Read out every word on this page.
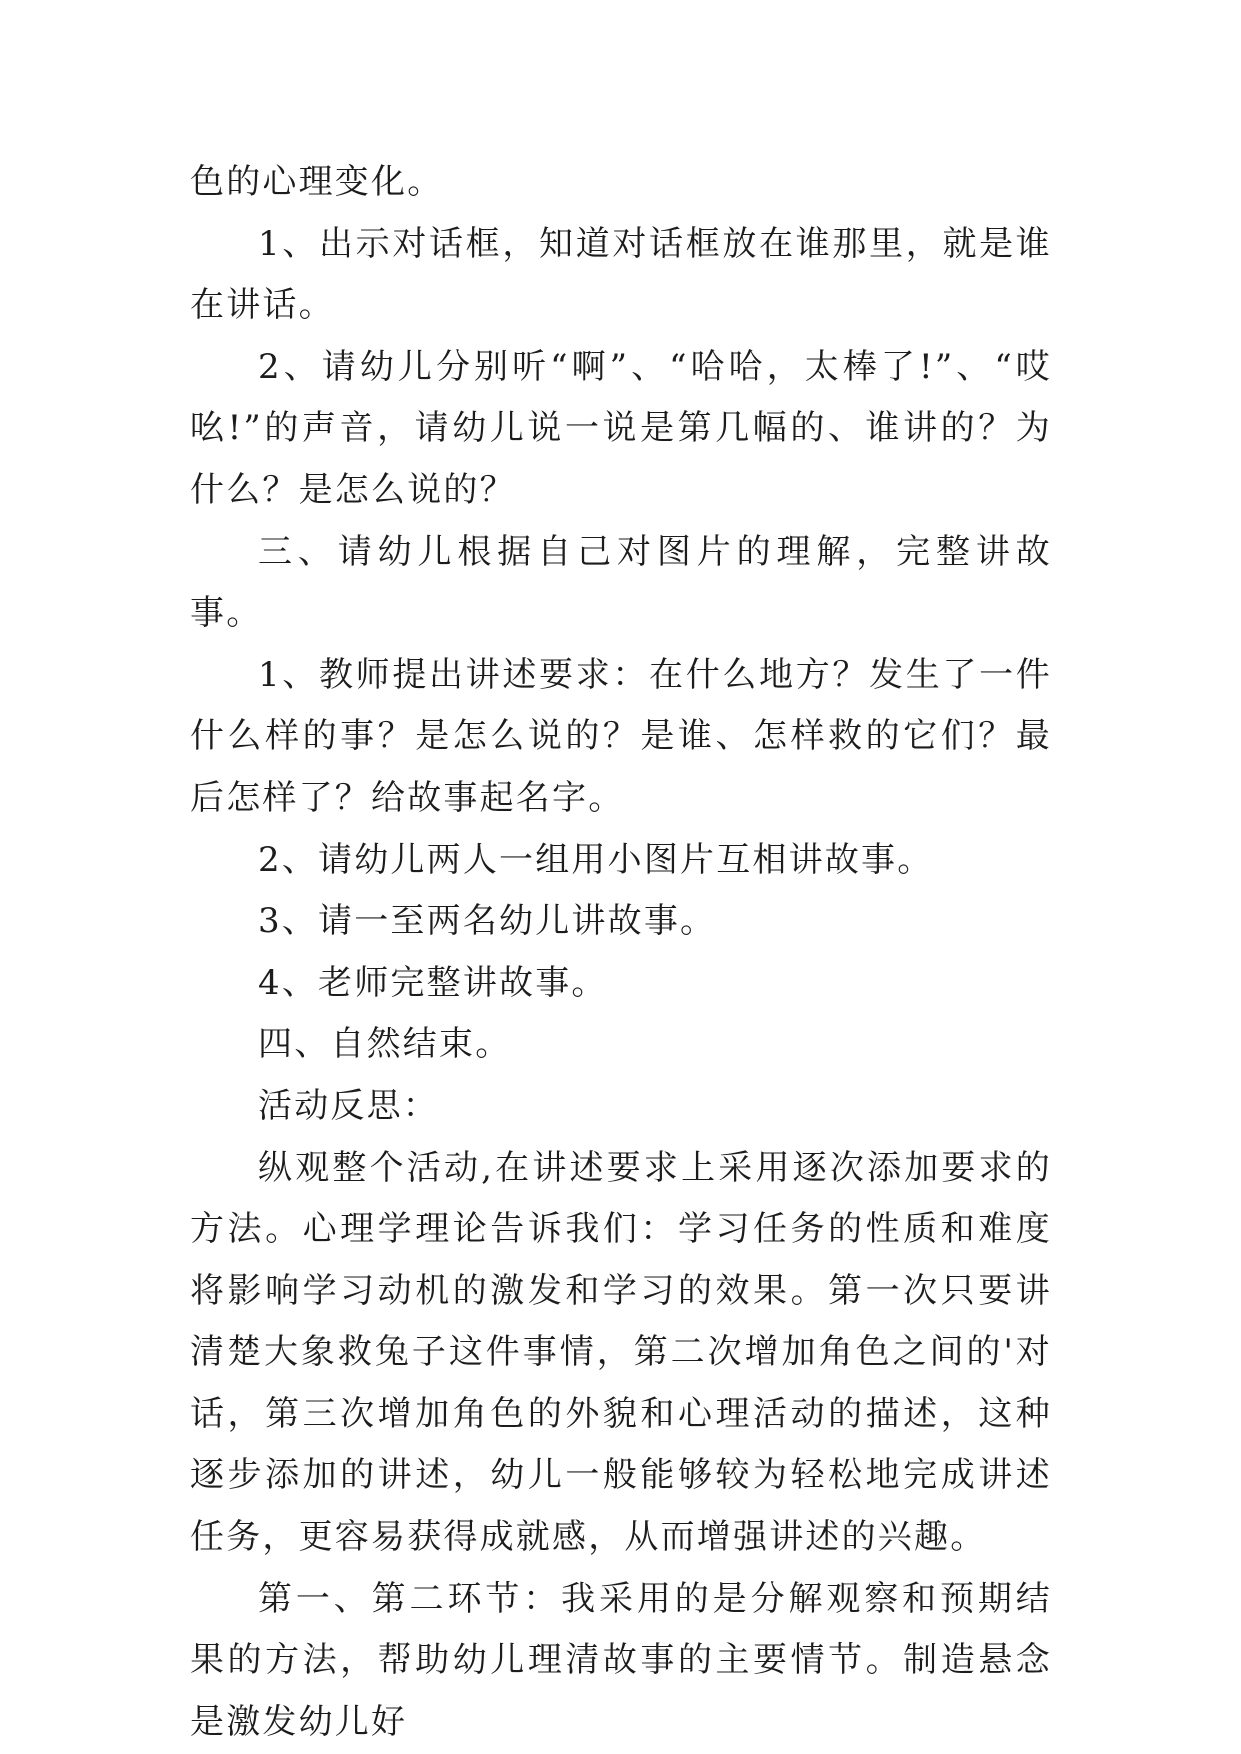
色的心理变化。

1、出示对话框，知道对话框放在谁那里，就是谁在讲话。

2、请幼儿分别听“啊”、“哈哈，太棒了!”、“哎吆!”的声音，请幼儿说一说是第几幅的、谁讲的？为什么？是怎么说的？

三、请幼儿根据自己对图片的理解，完整讲故事。

1、教师提出讲述要求：在什么地方？发生了一件什么样的事？是怎么说的？是谁、怎样救的它们？最后怎样了？给故事起名字。

2、请幼儿两人一组用小图片互相讲故事。

3、请一至两名幼儿讲故事。

4、老师完整讲故事。

四、自然结束。

活动反思：

纵观整个活动,在讲述要求上采用逐次添加要求的方法。心理学理论告诉我们：学习任务的性质和难度将影响学习动机的激发和学习的效果。第一次只要讲清楚大象救兔子这件事情，第二次增加角色之间的'对话，第三次增加角色的外貌和心理活动的描述，这种逐步添加的讲述，幼儿一般能够较为轻松地完成讲述任务，更容易获得成就感，从而增强讲述的兴趣。

第一、第二环节：我采用的是分解观察和预期结果的方法，帮助幼儿理清故事的主要情节。制造悬念是激发幼儿好
